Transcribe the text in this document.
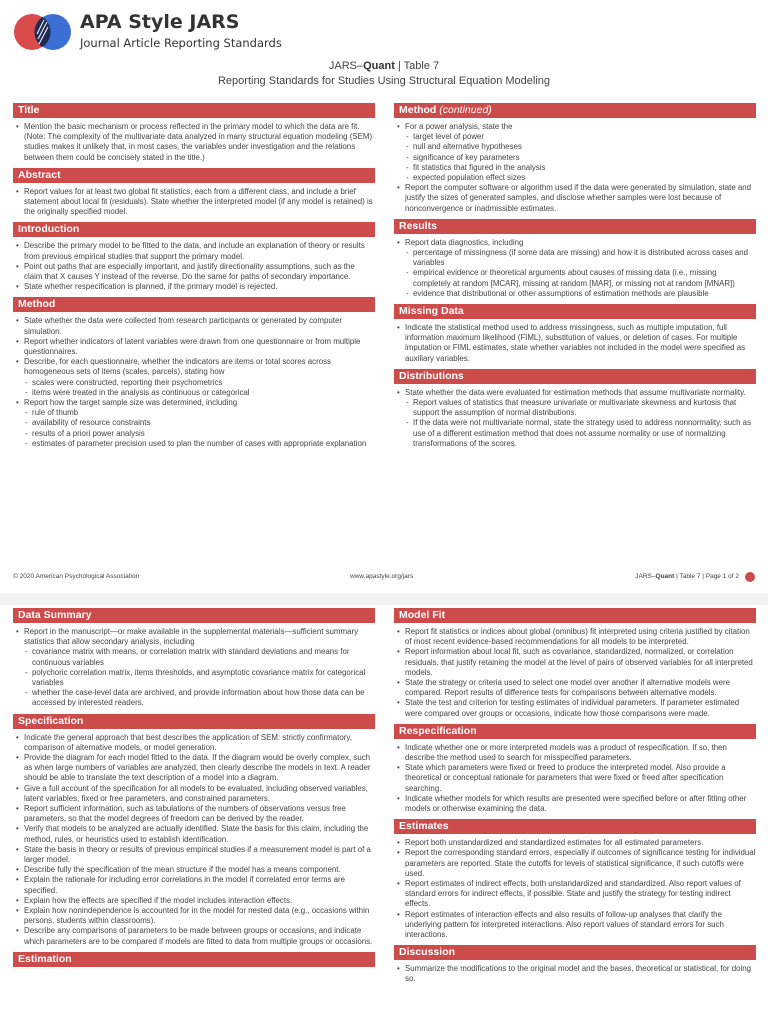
APA Style JARS
Journal Article Reporting Standards
JARS–Quant | Table 7
Reporting Standards for Studies Using Structural Equation Modeling
Title
• Mention the basic mechanism or process reflected in the primary model to which the data are fit. (Note: The complexity of the multivariate data analyzed in many structural equation modeling (SEM) studies makes it unlikely that, in most cases, the variables under investigation and the relations between them could be concisely stated in the title.)
Abstract
• Report values for at least two global fit statistics, each from a different class, and include a brief statement about local fit (residuals). State whether the interpreted model (if any model is retained) is the originally specified model.
Introduction
• Describe the primary model to be fitted to the data, and include an explanation of theory or results from previous empirical studies that support the primary model.
• Point out paths that are especially important, and justify directionality assumptions, such as the claim that X causes Y instead of the reverse. Do the same for paths of secondary importance.
• State whether respecification is planned, if the primary model is rejected.
Method
• State whether the data were collected from research participants or generated by computer simulation.
• Report whether indicators of latent variables were drawn from one questionnaire or from multiple questionnaires.
• Describe, for each questionnaire, whether the indicators are items or total scores across homogeneous sets of items (scales, parcels), stating how
- scales were constructed, reporting their psychometrics
- items were treated in the analysis as continuous or categorical
• Report how the target sample size was determined, including
- rule of thumb
- availability of resource constraints
- results of a priori power analysis
- estimates of parameter precision used to plan the number of cases with appropriate explanation
Method (continued)
• For a power analysis, state the
- target level of power
- null and alternative hypotheses
- significance of key parameters
- fit statistics that figured in the analysis
- expected population effect sizes
• Report the computer software or algorithm used if the data were generated by simulation, state and justify the sizes of generated samples, and disclose whether samples were lost because of nonconvergence or inadmissible estimates.
Results
• Report data diagnostics, including
- percentage of missingness (if some data are missing) and how it is distributed across cases and variables
- empirical evidence or theoretical arguments about causes of missing data (i.e., missing completely at random [MCAR], missing at random [MAR], or missing not at random [MNAR])
- evidence that distributional or other assumptions of estimation methods are plausible
Missing Data
• Indicate the statistical method used to address missingness, such as multiple imputation, full information maximum likelihood (FIML), substitution of values, or deletion of cases. For multiple imputation or FIML estimates, state whether variables not included in the model were specified as auxiliary variables.
Distributions
• State whether the data were evaluated for estimation methods that assume multivariate normality.
- Report values of statistics that measure univariate or multivariate skewness and kurtosis that support the assumption of normal distributions.
- If the data were not multivariate normal, state the strategy used to address nonnormality, such as use of a different estimation method that does not assume normality or use of normalizing transformations of the scores.
© 2020 American Psychological Association	www.apastyle.org/jars	JARS–Quant | Table 7 | Page 1 of 2
Data Summary
• Report in the manuscript—or make available in the supplemental materials—sufficient summary statistics that allow secondary analysis, including
- covariance matrix with means, or correlation matrix with standard deviations and means for continuous variables
- polychoric correlation matrix, items thresholds, and asymptotic covariance matrix for categorical variables
- whether the case-level data are archived, and provide information about how those data can be accessed by interested readers.
Specification
• Indicate the general approach that best describes the application of SEM: strictly confirmatory, comparison of alternative models, or model generation.
• Provide the diagram for each model fitted to the data. If the diagram would be overly complex, such as when large numbers of variables are analyzed, then clearly describe the models in text. A reader should be able to translate the text description of a model into a diagram.
• Give a full account of the specification for all models to be evaluated, including observed variables, latent variables, fixed or free parameters, and constrained parameters.
• Report sufficient information, such as tabulations of the numbers of observations versus free parameters, so that the model degrees of freedom can be derived by the reader.
• Verify that models to be analyzed are actually identified. State the basis for this claim, including the method, rules, or heuristics used to establish identification.
• State the basis in theory or results of previous empirical studies if a measurement model is part of a larger model.
• Describe fully the specification of the mean structure if the model has a means component.
• Explain the rationale for including error correlations in the model if correlated error terms are specified.
• Explain how the effects are specified if the model includes interaction effects.
• Explain how nonindependence is accounted for in the model for nested data (e.g., occasions within persons, students within classrooms).
• Describe any comparisons of parameters to be made between groups or occasions, and indicate which parameters are to be compared if models are fitted to data from multiple groups or occasions.
Estimation
Model Fit
• Report fit statistics or indices about global (omnibus) fit interpreted using criteria justified by citation of most recent evidence-based recommendations for all models to be interpreted.
• Report information about local fit, such as covariance, standardized, normalized, or correlation residuals, that justify retaining the model at the level of pairs of observed variables for all interpreted models.
• State the strategy or criteria used to select one model over another if alternative models were compared. Report results of difference tests for comparisons between alternative models.
• State the test and criterion for testing estimates of individual parameters. If parameter estimated were compared over groups or occasions, indicate how those comparisons were made.
Respecification
• Indicate whether one or more interpreted models was a product of respecification. If so, then describe the method used to search for misspecified parameters.
• State which parameters were fixed or freed to produce the interpreted model. Also provide a theoretical or conceptual rationale for parameters that were fixed or freed after specification searching.
• Indicate whether models for which results are presented were specified before or after fitting other models or otherwise examining the data.
Estimates
• Report both unstandardized and standardized estimates for all estimated parameters.
• Report the corresponding standard errors, especially if outcomes of significance testing for individual parameters are reported. State the cutoffs for levels of statistical significance, if such cutoffs were used.
• Report estimates of indirect effects, both unstandardized and standardized. Also report values of standard errors for indirect effects, if possible. State and justify the strategy for testing indirect effects.
• Report estimates of interaction effects and also results of follow-up analyses that clarify the underlying pattern for interpreted interactions. Also report values of standard errors for such interactions.
Discussion
• Summarize the modifications to the original model and the bases, theoretical or statistical, for doing so.
